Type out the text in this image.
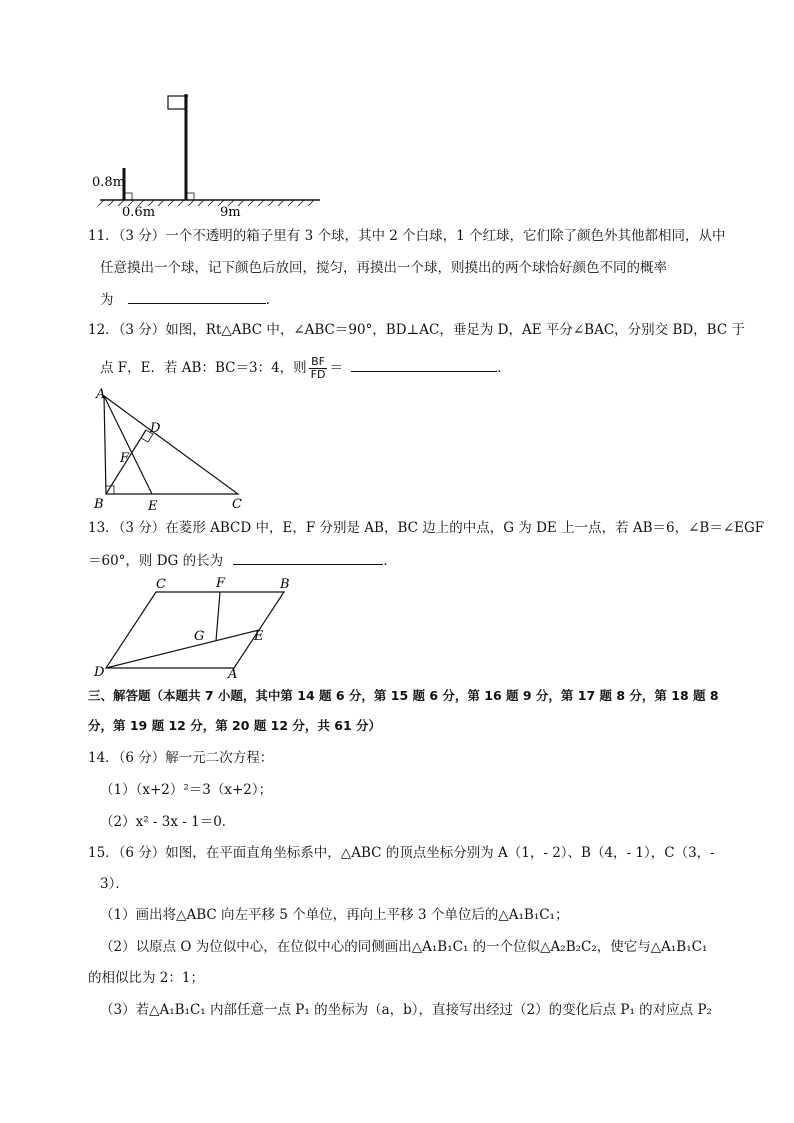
0.8m
0.6m	9m
11．（3 分）一个不透明的箱子里有 3 个球，其中 2 个白球，1 个红球，它们除了颜色外其他都相同，从中
任意摸出一个球，记下颜色后放回，搅匀，再摸出一个球，则摸出的两个球恰好颜色不同的概率
为	．
12．（3 分）如图，Rt△ABC 中，∠ABC＝90°，BD⊥AC，垂足为 D，AE 平分∠BAC，分别交 BD，BC 于
点 F，E．若 AB：BC＝3：4，则 $\frac{BF}{FD}$ ＝	．
A
D
F
B	E	C
13．（3 分）在菱形 ABCD 中，E，F 分别是 AB，BC 边上的中点，G 为 DE 上一点，若 AB＝6，∠B＝∠EGF
＝60°，则 DG 的长为	．
C	F	B
G	E
D	A
三、解答题（本题共 7 小题，其中第 14 题 6 分，第 15 题 6 分，第 16 题 9 分，第 17 题 8 分，第 18 题 8
分，第 19 题 12 分，第 20 题 12 分，共 61 分）
14．（6 分）解一元二次方程：
（1）（x+2）²＝3（x+2）；
（2）x² - 3x - 1＝0．
15．（6 分）如图，在平面直角坐标系中，△ABC 的顶点坐标分别为 A（1，- 2）、B（4，- 1），C（3，-
3）．
（1）画出将△ABC 向左平移 5 个单位，再向上平移 3 个单位后的△A₁B₁C₁；
（2）以原点 O 为位似中心，在位似中心的同侧画出△A₁B₁C₁ 的一个位似△A₂B₂C₂，使它与△A₁B₁C₁
的相似比为 2：1；
（3）若△A₁B₁C₁ 内部任意一点 P₁ 的坐标为（a，b），直接写出经过（2）的变化后点 P₁ 的对应点 P₂
